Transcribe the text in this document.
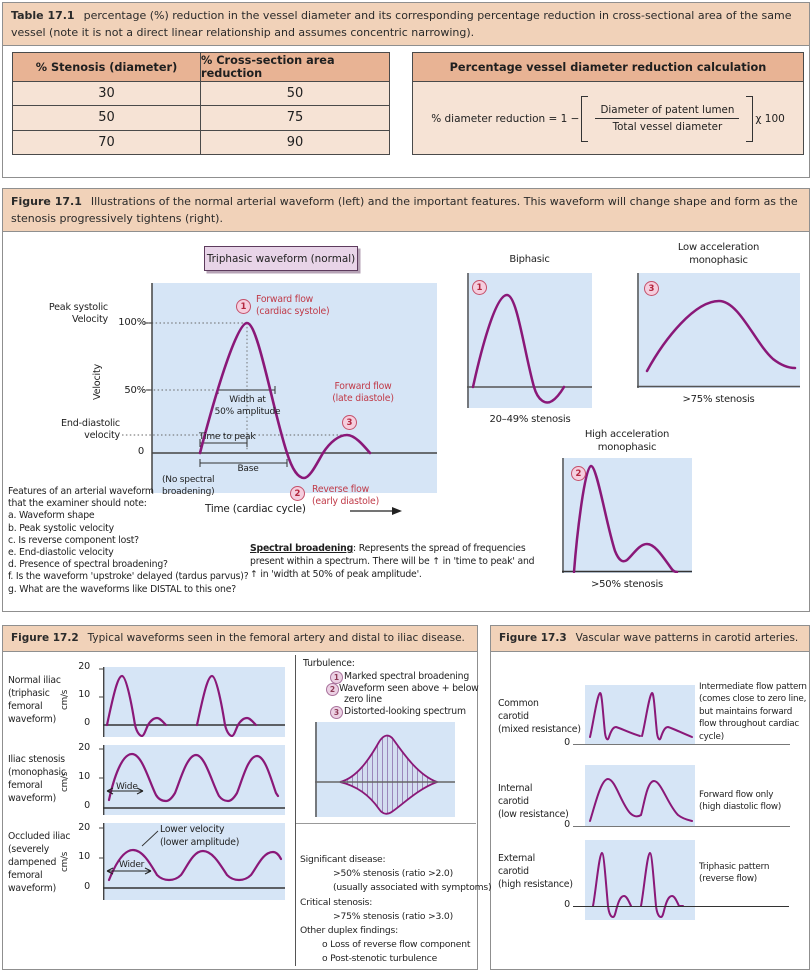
Table 17.1 percentage (%) reduction in the vessel diameter and its corresponding percentage reduction in cross-sectional area of the same vessel (note it is not a direct linear relationship and assumes concentric narrowing).
Figure 17.1 Illustrations of the normal arterial waveform (left) and the important features. This waveform will change shape and form as the stenosis progressively tightens (right).
Figure 17.2 Typical waveforms seen in the femoral artery and distal to iliac disease.	Figure 17.3 Vascular wave patterns in carotid arteries.
% Stenosis (diameter)	% Cross-section area reduction
30	50
50	75
70	90
Percentage vessel diameter reduction calculation
% diameter reduction = $1 - \frac{\text{Diameter of patent lumen}}{\text{Total vessel diameter}}$ χ 100
Triphasic waveform (normal)
Peak systolic
Velocity	100%
Velocity	50%
End-diastolic
velocity
0
Time (cardiac cycle)
1
Forward flow
(cardiac systole)
Forward flow
(late diastole)
3
2	Reverse flow
(early diastole)
Width at
50% amplitude
Time to peak
Base
(No spectral
broadening)
Features of an arterial waveform
that the examiner should note:
a. Waveform shape
b. Peak systolic velocity
c. Is reverse component lost?
e. End-diastolic velocity
d. Presence of spectral broadening?
f. Is the waveform 'upstroke' delayed (tardus parvus)?
g. What are the waveforms like DISTAL to this one?
Spectral broadening: Represents the spread of frequencies present within a spectrum. There will be ↑ in 'time to peak' and ↑ in 'width at 50% of peak amplitude'.
Biphasic
1
20–49% stenosis
Low acceleration
monophasic
3
>75% stenosis
High acceleration
monophasic
2
>50% stenosis
Normal iliac
(triphasic
femoral
waveform)
Iliac stenosis
(monophasic
femoral
waveform)
Occluded iliac
(severely
dampened
femoral
waveform)
20
10
0
cm/s
20
10
0
cm/s
20
10
0
cm/s
Wide
Wider
Lower velocity
(lower amplitude)
Turbulence:
1 Marked spectral broadening
2 Waveform seen above + below
zero line
3 Distorted-looking spectrum
Significant disease:
>50% stenosis (ratio >2.0)
(usually associated with symptoms)
Critical stenosis:
>75% stenosis (ratio >3.0)
Other duplex findings:
o Loss of reverse flow component
o Post-stenotic turbulence
0
0
0
Common
carotid
(mixed resistance)
Internal
carotid
(low resistance)
External
carotid
(high resistance)
Intermediate flow pattern
(comes close to zero line,
but maintains forward
flow throughout cardiac
cycle)
Forward flow only
(high diastolic flow)
Triphasic pattern
(reverse flow)
